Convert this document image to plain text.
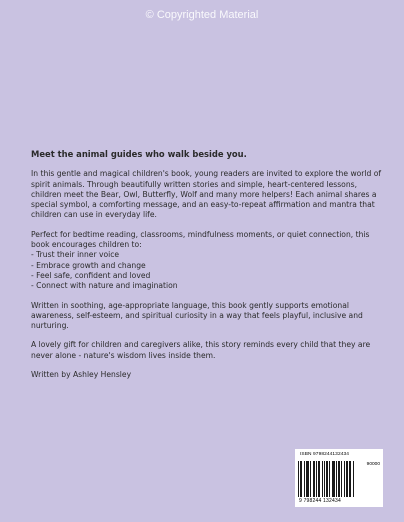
© Copyrighted Material

Meet the animal guides who walk beside you.

In this gentle and magical children's book, young readers are invited to explore the world of spirit animals. Through beautifully written stories and simple, heart-centered lessons, children meet the Bear, Owl, Butterfly, Wolf and many more helpers! Each animal shares a special symbol, a comforting message, and an easy-to-repeat affirmation and mantra that children can use in everyday life.

Perfect for bedtime reading, classrooms, mindfulness moments, or quiet connection, this book encourages children to:
- Trust their inner voice
- Embrace growth and change
- Feel safe, confident and loved
- Connect with nature and imagination

Written in soothing, age-appropriate language, this book gently supports emotional awareness, self-esteem, and spiritual curiosity in a way that feels playful, inclusive and nurturing.

A lovely gift for children and caregivers alike, this story reminds every child that they are never alone - nature's wisdom lives inside them.

Written by Ashley Hensley

ISBN 9798244132434
90000
9 798244 132434
